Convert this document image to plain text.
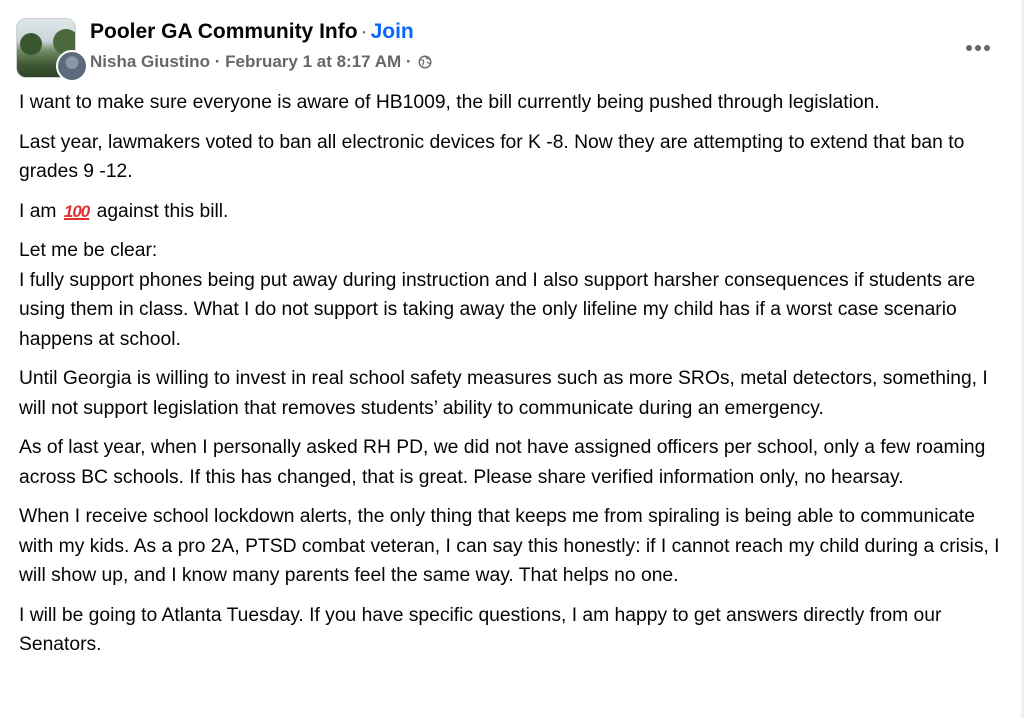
Pooler GA Community Info · Join
Nisha Giustino · February 1 at 8:17 AM ·

I want to make sure everyone is aware of HB1009, the bill currently being pushed through legislation.

Last year, lawmakers voted to ban all electronic devices for K -8. Now they are attempting to extend that ban to grades 9 -12.

I am 100 against this bill.

Let me be clear:
I fully support phones being put away during instruction and I also support harsher consequences if students are using them in class. What I do not support is taking away the only lifeline my child has if a worst case scenario happens at school.

Until Georgia is willing to invest in real school safety measures such as more SROs, metal detectors, something, I will not support legislation that removes students’ ability to communicate during an emergency.

As of last year, when I personally asked RH PD, we did not have assigned officers per school, only a few roaming across BC schools. If this has changed, that is great. Please share verified information only, no hearsay.

When I receive school lockdown alerts, the only thing that keeps me from spiraling is being able to communicate with my kids. As a pro 2A, PTSD combat veteran, I can say this honestly: if I cannot reach my child during a crisis, I will show up, and I know many parents feel the same way. That helps no one.

I will be going to Atlanta Tuesday. If you have specific questions, I am happy to get answers directly from our Senators.
